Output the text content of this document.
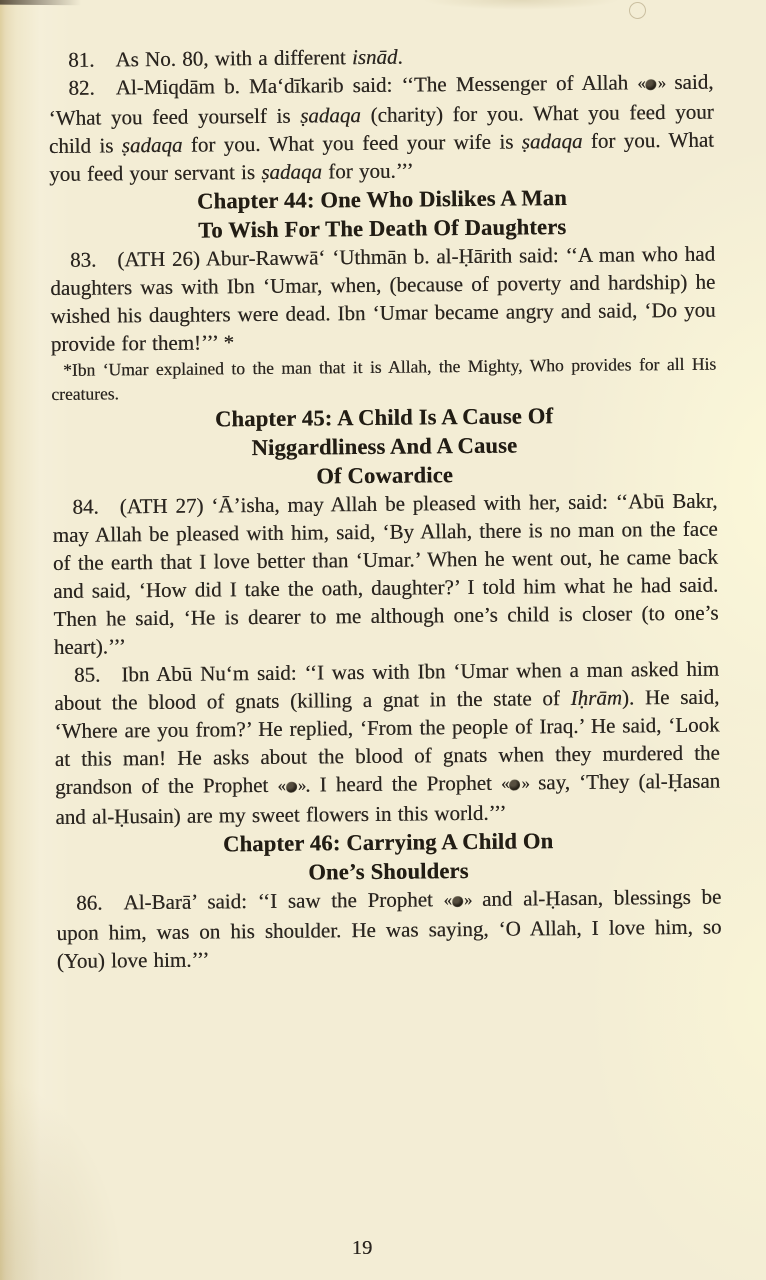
81.  As No. 80, with a different isnād.

82.  Al-Miqdām b. Ma‘dīkarib said: ‘‘The Messenger of Allah « » said, ‘What you feed yourself is ṣadaqa (charity) for you. What you feed your child is ṣadaqa for you. What you feed your wife is ṣadaqa for you. What you feed your servant is ṣadaqa for you.’’’

Chapter 44: One Who Dislikes A Man
To Wish For The Death Of Daughters

83.  (ATH 26) Abur-Rawwā‘ ‘Uthmān b. al-Ḥārith said: ‘‘A man who had daughters was with Ibn ‘Umar, when, (because of poverty and hardship) he wished his daughters were dead. Ibn ‘Umar became angry and said, ‘Do you provide for them!’’’ *

*Ibn ‘Umar explained to the man that it is Allah, the Mighty, Who provides for all His creatures.

Chapter 45: A Child Is A Cause Of
Niggardliness And A Cause
Of Cowardice

84.  (ATH 27) ‘Ā’isha, may Allah be pleased with her, said: ‘‘Abū Bakr, may Allah be pleased with him, said, ‘By Allah, there is no man on the face of the earth that I love better than ‘Umar.’ When he went out, he came back and said, ‘How did I take the oath, daughter?’ I told him what he had said. Then he said, ‘He is dearer to me although one’s child is closer (to one’s heart).’’’

85.  Ibn Abū Nu‘m said: ‘‘I was with Ibn ‘Umar when a man asked him about the blood of gnats (killing a gnat in the state of Iḥrām). He said, ‘Where are you from?’ He replied, ‘From the people of Iraq.’ He said, ‘Look at this man! He asks about the blood of gnats when they murdered the grandson of the Prophet « ». I heard the Prophet « » say, ‘They (al-Ḥasan and al-Ḥusain) are my sweet flowers in this world.’’’

Chapter 46: Carrying A Child On
One’s Shoulders

86.  Al-Barā’ said: ‘‘I saw the Prophet « » and al-Ḥasan, blessings be upon him, was on his shoulder. He was saying, ‘O Allah, I love him, so (You) love him.’’’

19
